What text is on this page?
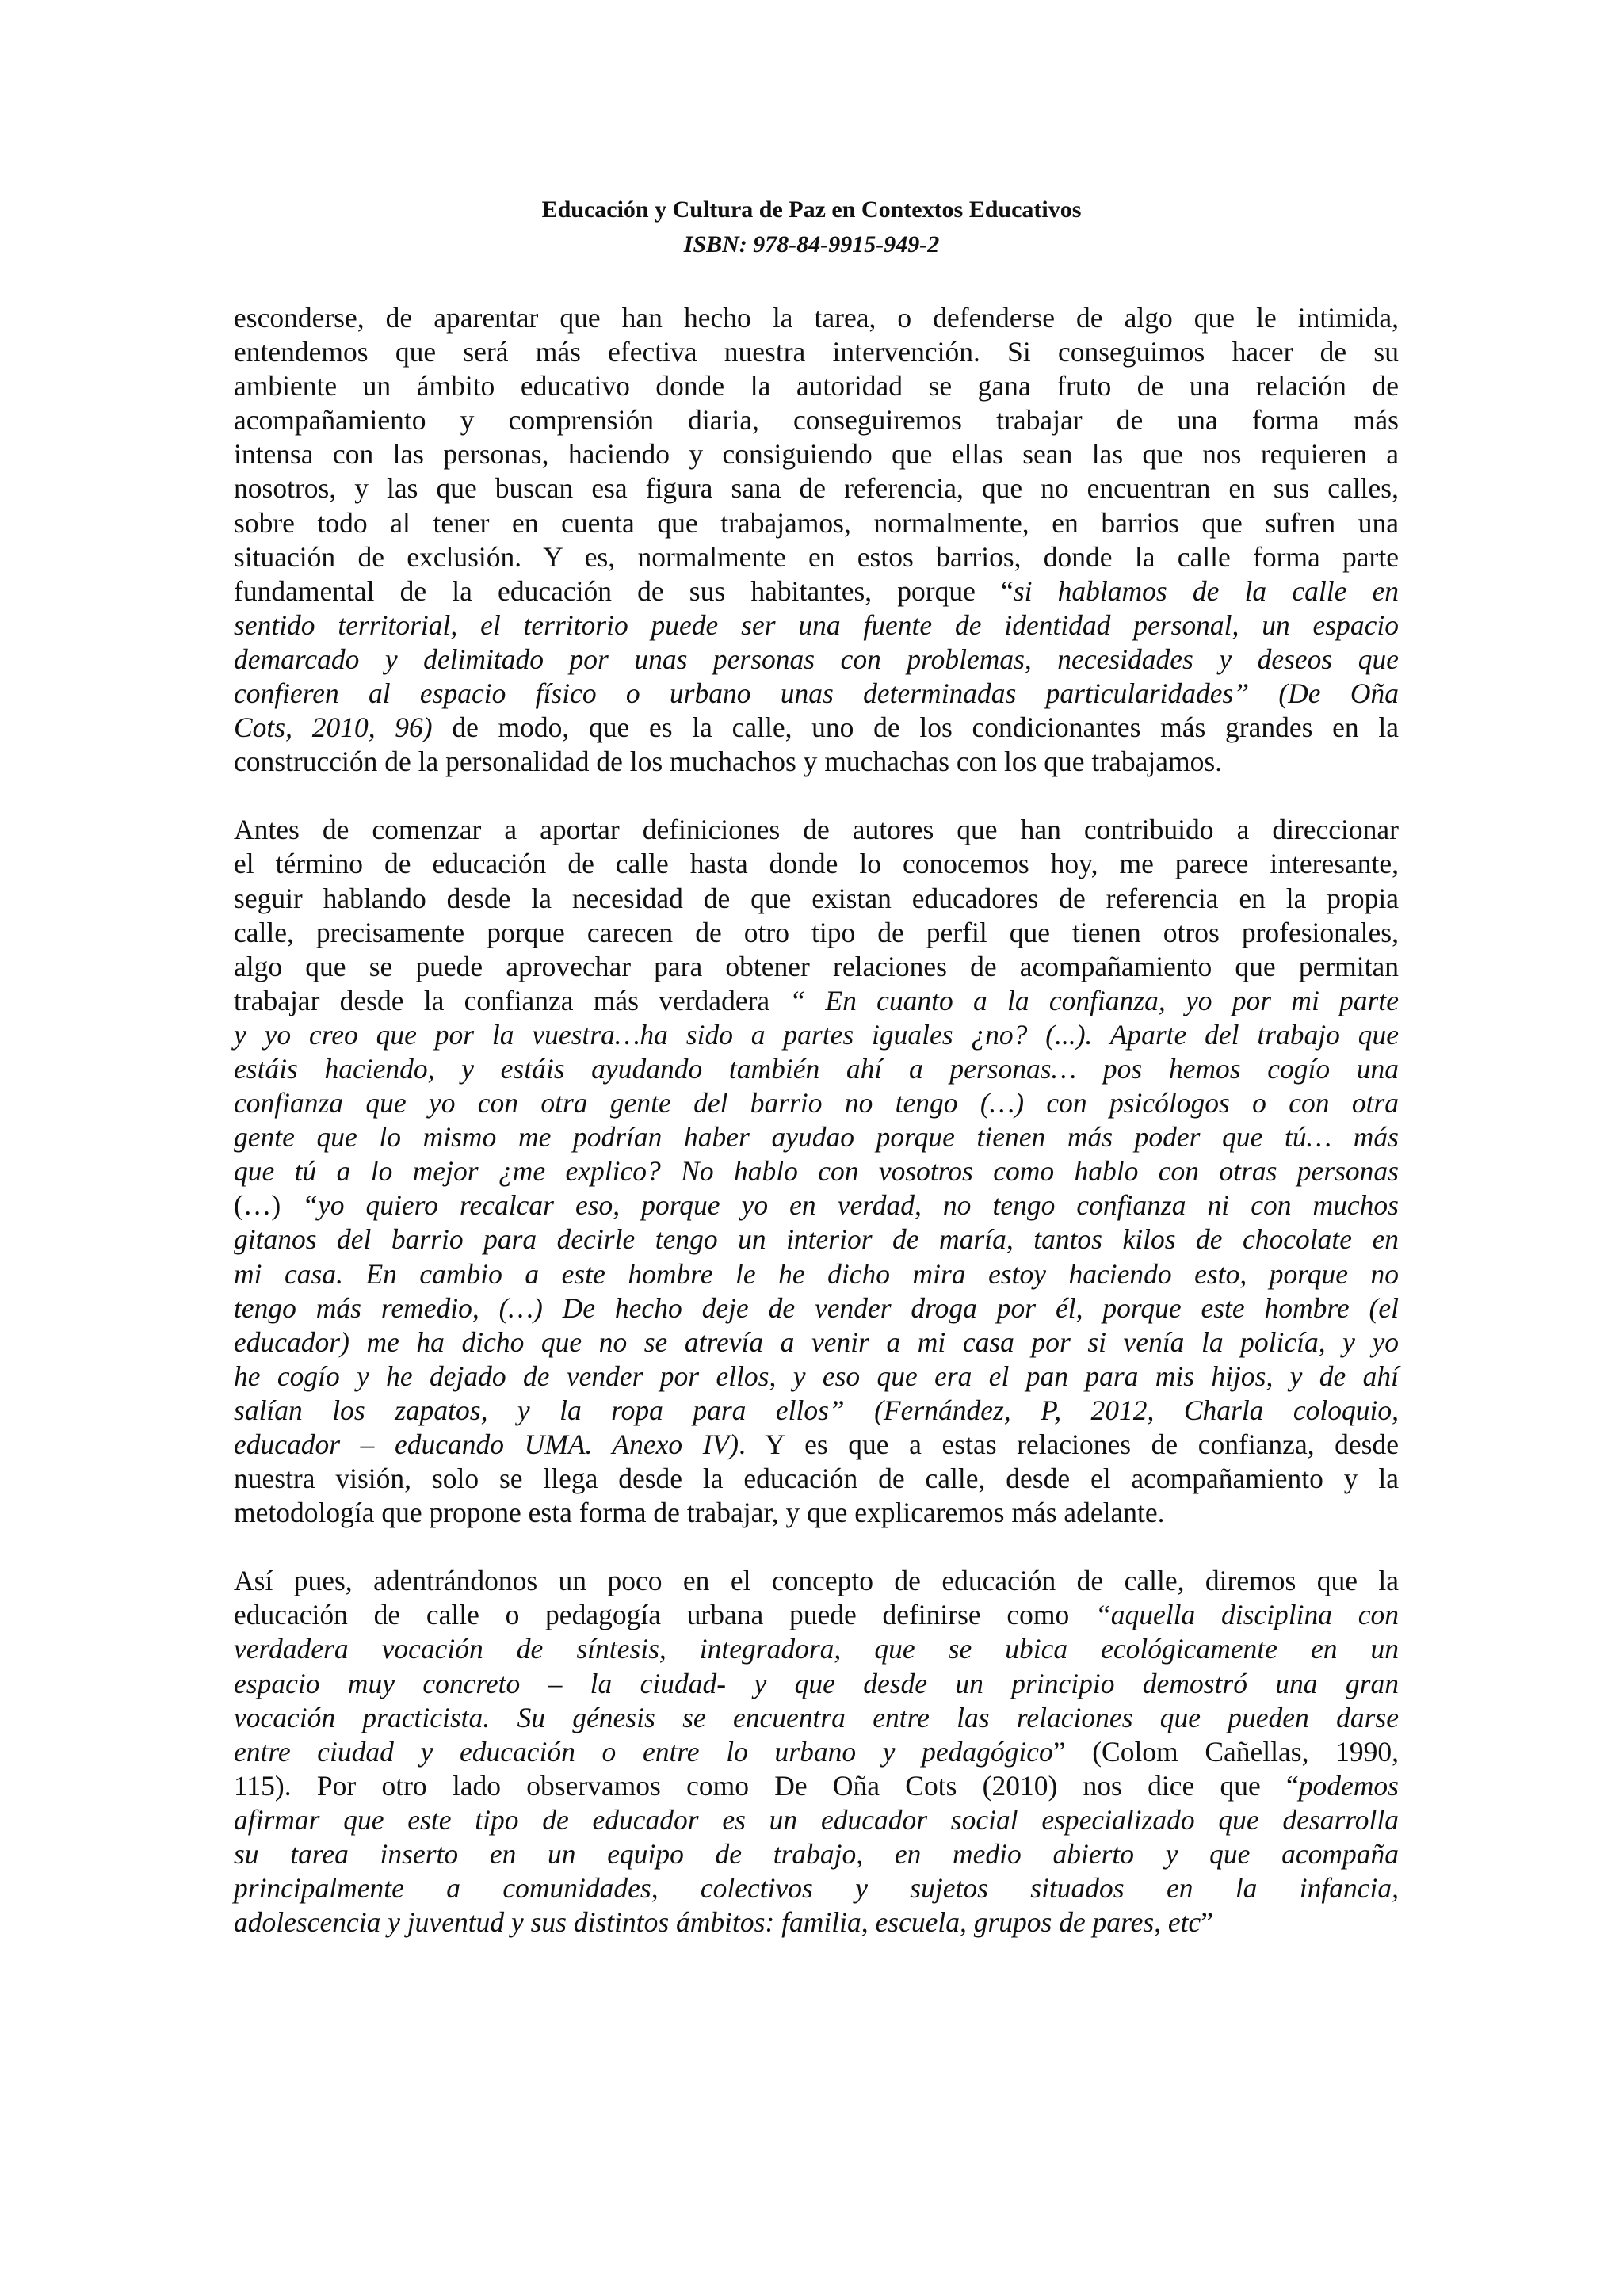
Educación y Cultura de Paz en Contextos Educativos
ISBN: 978-84-9915-949-2
esconderse, de aparentar que han hecho la tarea, o defenderse de algo que le intimida,
entendemos que será más efectiva nuestra intervención. Si conseguimos hacer de su
ambiente un ámbito educativo donde la autoridad se gana fruto de una relación de
acompañamiento y comprensión diaria, conseguiremos trabajar de una forma más
intensa con las personas, haciendo y consiguiendo que ellas sean las que nos requieren a
nosotros, y las que buscan esa figura sana de referencia, que no encuentran en sus calles,
sobre todo al tener en cuenta que trabajamos, normalmente, en barrios que sufren una
situación de exclusión. Y es, normalmente en estos barrios, donde la calle forma parte
fundamental de la educación de sus habitantes, porque “si hablamos de la calle en
sentido territorial, el territorio puede ser una fuente de identidad personal, un espacio
demarcado y delimitado por unas personas con problemas, necesidades y deseos que
confieren al espacio físico o urbano unas determinadas particularidades” (De Oña
Cots, 2010, 96) de modo, que es la calle, uno de los condicionantes más grandes en la
construcción de la personalidad de los muchachos y muchachas con los que trabajamos.
Antes de comenzar a aportar definiciones de autores que han contribuido a direccionar
el término de educación de calle hasta donde lo conocemos hoy, me parece interesante,
seguir hablando desde la necesidad de que existan educadores de referencia en la propia
calle, precisamente porque carecen de otro tipo de perfil que tienen otros profesionales,
algo que se puede aprovechar para obtener relaciones de acompañamiento que permitan
trabajar desde la confianza más verdadera “ En cuanto a la confianza, yo por mi parte
y yo creo que por la vuestra…ha sido a partes iguales ¿no? (...). Aparte del trabajo que
estáis haciendo, y estáis ayudando también ahí a personas… pos hemos cogío una
confianza que yo con otra gente del barrio no tengo (…) con psicólogos o con otra
gente que lo mismo me podrían haber ayudao porque tienen más poder que tú… más
que tú a lo mejor ¿me explico? No hablo con vosotros como hablo con otras personas
(…) “yo quiero recalcar eso, porque yo en verdad, no tengo confianza ni con muchos
gitanos del barrio para decirle tengo un interior de maría, tantos kilos de chocolate en
mi casa. En cambio a este hombre le he dicho mira estoy haciendo esto, porque no
tengo más remedio, (…) De hecho deje de vender droga por él, porque este hombre (el
educador) me ha dicho que no se atrevía a venir a mi casa por si venía la policía, y yo
he cogío y he dejado de vender por ellos, y eso que era el pan para mis hijos, y de ahí
salían los zapatos, y la ropa para ellos” (Fernández, P, 2012, Charla coloquio,
educador – educando UMA. Anexo IV). Y es que a estas relaciones de confianza, desde
nuestra visión, solo se llega desde la educación de calle, desde el acompañamiento y la
metodología que propone esta forma de trabajar, y que explicaremos más adelante.
Así pues, adentrándonos un poco en el concepto de educación de calle, diremos que la
educación de calle o pedagogía urbana puede definirse como “aquella disciplina con
verdadera vocación de síntesis, integradora, que se ubica ecológicamente en un
espacio muy concreto – la ciudad- y que desde un principio demostró una gran
vocación practicista. Su génesis se encuentra entre las relaciones que pueden darse
entre ciudad y educación o entre lo urbano y pedagógico” (Colom Cañellas, 1990,
115). Por otro lado observamos como De Oña Cots (2010) nos dice que “podemos
afirmar que este tipo de educador es un educador social especializado que desarrolla
su tarea inserto en un equipo de trabajo, en medio abierto y que acompaña
principalmente a comunidades, colectivos y sujetos situados en la infancia,
adolescencia y juventud y sus distintos ámbitos: familia, escuela, grupos de pares, etc”
